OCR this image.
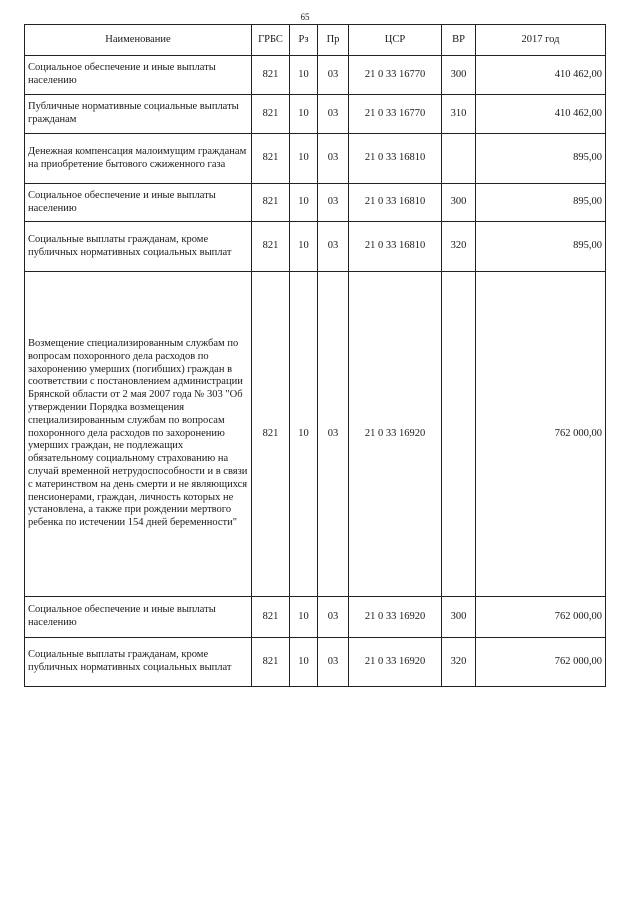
65
Наименование	ГРБС	Рз	Пр	ЦСР	ВР	2017 год
Социальное обеспечение и иные выплаты населению	821	10	03	21 0 33 16770	300	410 462,00
Публичные нормативные социальные выплаты гражданам	821	10	03	21 0 33 16770	310	410 462,00
Денежная компенсация малоимущим гражданам на приобретение бытового сжиженного газа	821	10	03	21 0 33 16810		895,00
Социальное обеспечение и иные выплаты населению	821	10	03	21 0 33 16810	300	895,00
Социальные выплаты гражданам, кроме публичных нормативных социальных выплат	821	10	03	21 0 33 16810	320	895,00
Возмещение специализированным службам по вопросам похоронного дела расходов по захоронению умерших (погибших) граждан в соответствии с постановлением администрации Брянской области от 2 мая 2007 года № 303 "Об утверждении Порядка возмещения специализированным службам по вопросам похоронного дела расходов по захоронению умерших граждан, не подлежащих обязательному социальному страхованию на случай временной нетрудоспособности и в связи с материнством на день смерти и не являющихся пенсионерами, граждан, личность которых не установлена, а также при рождении мертвого ребенка по истечении 154 дней беременности"	821	10	03	21 0 33 16920		762 000,00
Социальное обеспечение и иные выплаты населению	821	10	03	21 0 33 16920	300	762 000,00
Социальные выплаты гражданам, кроме публичных нормативных социальных выплат	821	10	03	21 0 33 16920	320	762 000,00
